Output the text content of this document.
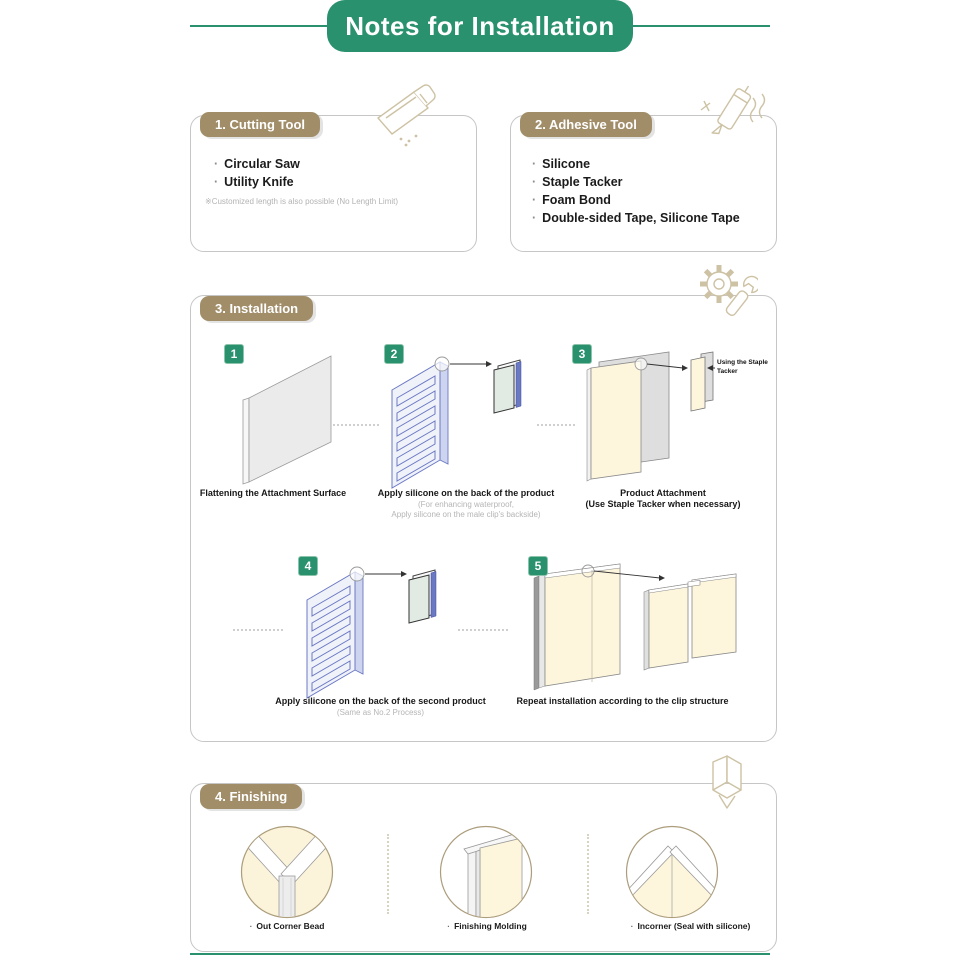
Notes for Installation
1. Cutting Tool	2. Adhesive Tool
3. Installation
4. Finishing
· Circular Saw
· Utility Knife
※Customized length is also possible (No Length Limit)
· Silicone
· Staple Tacker
· Foam Bond
· Double-sided Tape, Silicone Tape
1	2	3
4	5
Using the Staple Tacker
Flattening the Attachment Surface	Apply silicone on the back of the product
(For enhancing waterproof,
Apply silicone on the male clip's backside)
Product Attachment
(Use Staple Tacker when necessary)
Apply silicone on the back of the second product
(Same as No.2 Process)
Repeat installation according to the clip structure
· Out Corner Bead	· Finishing Molding	· Incorner (Seal with silicone)
